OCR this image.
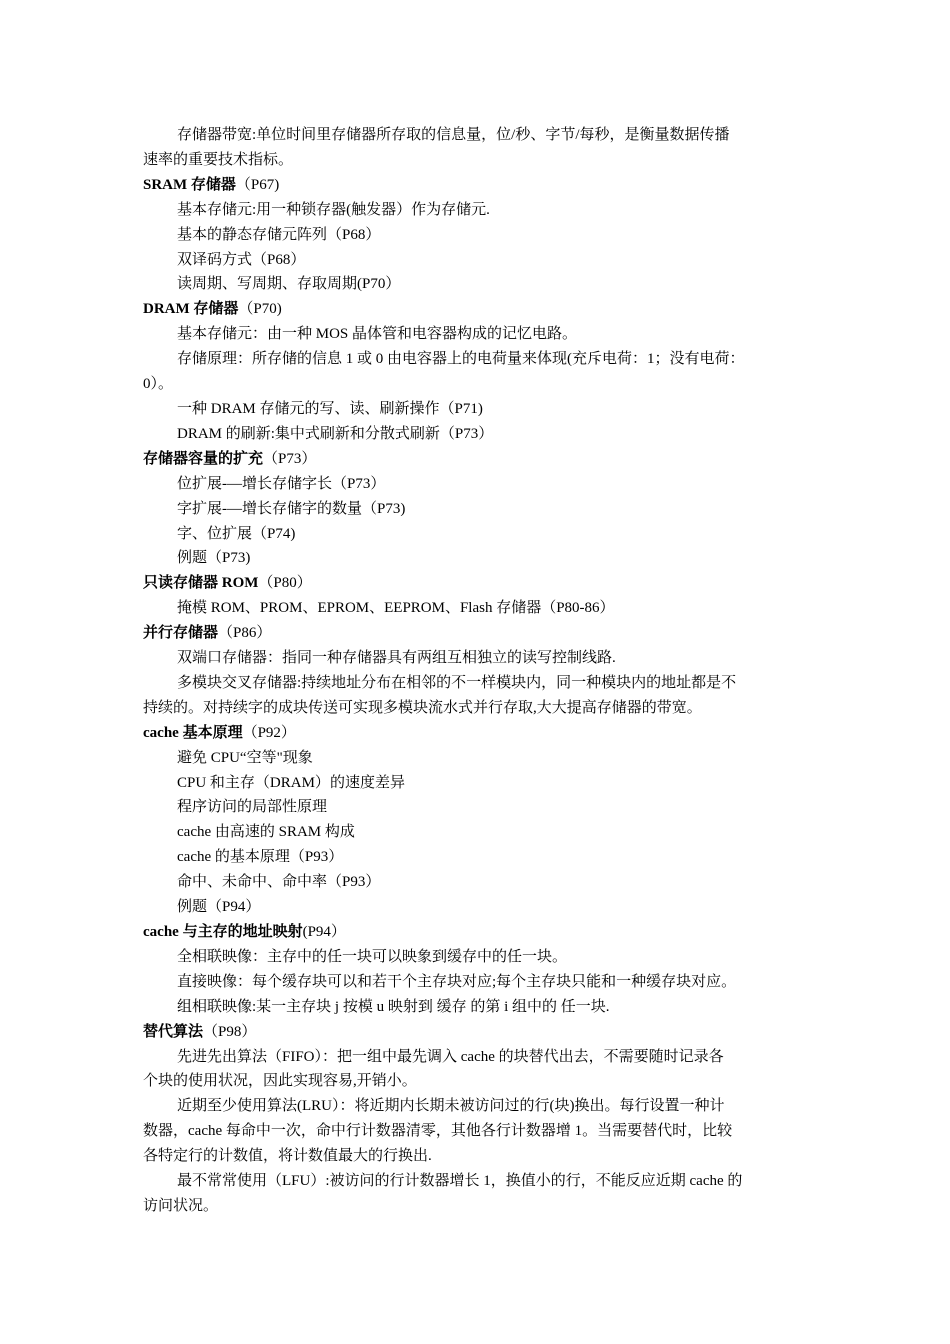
存储器带宽:单位时间里存储器所存取的信息量，位/秒、字节/每秒，是衡量数据传播
速率的重要技术指标。
SRAM 存储器（P67)
基本存储元:用一种锁存器(触发器）作为存储元.
基本的静态存储元阵列（P68）
双译码方式（P68）
读周期、写周期、存取周期(P70）
DRAM 存储器（P70)
基本存储元：由一种 MOS 晶体管和电容器构成的记忆电路。
存储原理：所存储的信息 1 或 0 由电容器上的电荷量来体现(充斥电荷：1；没有电荷：
0）。
一种 DRAM 存储元的写、读、刷新操作（P71)
DRAM 的刷新:集中式刷新和分散式刷新（P73）
存储器容量的扩充（P73）
位扩展-—增长存储字长（P73）
字扩展-—增长存储字的数量（P73)
字、位扩展（P74)
例题（P73)
只读存储器 ROM（P80）
掩模 ROM、PROM、EPROM、EEPROM、Flash 存储器（P80-86）
并行存储器（P86）
双端口存储器：指同一种存储器具有两组互相独立的读写控制线路.
多模块交叉存储器:持续地址分布在相邻的不一样模块内，同一种模块内的地址都是不
持续的。对持续字的成块传送可实现多模块流水式并行存取,大大提高存储器的带宽。
cache 基本原理（P92）
避免 CPU“空等"现象
CPU 和主存（DRAM）的速度差异
程序访问的局部性原理
cache 由高速的 SRAM 构成
cache 的基本原理（P93）
命中、未命中、命中率（P93）
例题（P94）
cache 与主存的地址映射(P94）
全相联映像：主存中的任一块可以映象到缓存中的任一块。
直接映像：每个缓存块可以和若干个主存块对应;每个主存块只能和一种缓存块对应。
组相联映像:某一主存块 j 按模 u 映射到 缓存 的第 i 组中的 任一块.
替代算法（P98）
先进先出算法（FIFO）：把一组中最先调入 cache 的块替代出去，不需要随时记录各
个块的使用状况，因此实现容易,开销小。
近期至少使用算法(LRU）：将近期内长期未被访问过的行(块)换出。每行设置一种计
数器，cache 每命中一次，命中行计数器清零，其他各行计数器增 1。当需要替代时，比较
各特定行的计数值，将计数值最大的行换出.
最不常常使用（LFU）:被访问的行计数器增长 1，换值小的行，不能反应近期 cache 的
访问状况。
